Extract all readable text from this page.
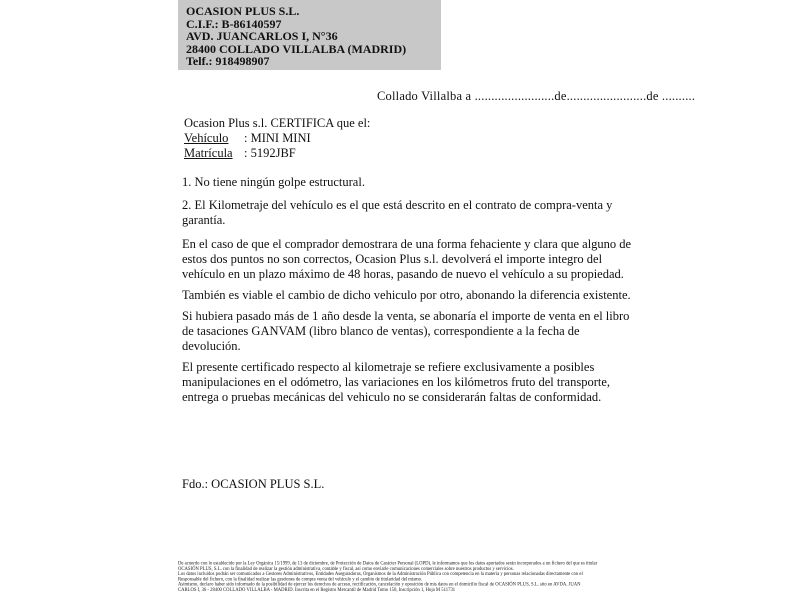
OCASION PLUS S.L.
C.I.F.: B-86140597
AVD. JUANCARLOS I, N°36
28400 COLLADO VILLALBA (MADRID)
Telf.: 918498907
Collado Villalba a ........................de........................de ..........
Ocasion Plus s.l. CERTIFICA que el:
Vehículo : MINI MINI
Matrícula : 5192JBF
1. No tiene ningún golpe estructural.
2. El Kilometraje del vehículo es el que está descrito en el contrato de compra-venta y garantía.

En el caso de que el comprador demostrara de una forma fehaciente y clara que alguno de estos dos puntos no son correctos, Ocasion Plus s.l. devolverá el importe integro del vehículo en un plazo máximo de 48 horas, pasando de nuevo el vehículo a su propiedad.

También es viable el cambio de dicho vehiculo por otro, abonando la diferencia existente.

Si hubiera pasado más de 1 año desde la venta, se abonaría el importe de venta en el libro de tasaciones GANVAM (libro blanco de ventas), correspondiente a la fecha de devolución.

El presente certificado respecto al kilometraje se refiere exclusivamente a posibles manipulaciones en el odómetro, las variaciones en los kilómetros fruto del transporte, entrega o pruebas mecánicas del vehiculo no se considerarán faltas de conformidad.

Fdo.: OCASION PLUS S.L.
De acuerdo con lo establecido por la Ley Orgánica 15/1999, de 13 de diciembre, de Protección de Datos de Carácter Personal (LOPD), le informamos que los datos aportados serán incorporados a un fichero del que es titular
OCASIÓN PLUS, S.L. con la finalidad de realizar la gestión administrativa, contable y fiscal, así como enviarle comunicaciones comerciales sobre nuestros productos y servicios.
Los datos incluidos podrán ser comunicados a Gestores Administrativos, Entidades Aseguradoras, Organismos de la Administración Pública con competencia en la materia y personas relacionadas directamente con el
Responsable del fichero, con la finalidad realizar las gestiones de compra venta del vehículo y el cambio de titularidad del mismo.
Asimismo, declaro haber sido informado de la posibilidad de ejercer los derechos de acceso, rectificación, cancelación y oposición de mis datos en el domicilio fiscal de OCASIÓN PLUS, S.L. sito en AVDA. JUAN
CARLOS I, 36 - 28400 COLLADO VILLALBA - MADRID. Inscrita en el Registro Mercantil de Madrid Tomo 150, Inscripción 1, Hoja M 511731
